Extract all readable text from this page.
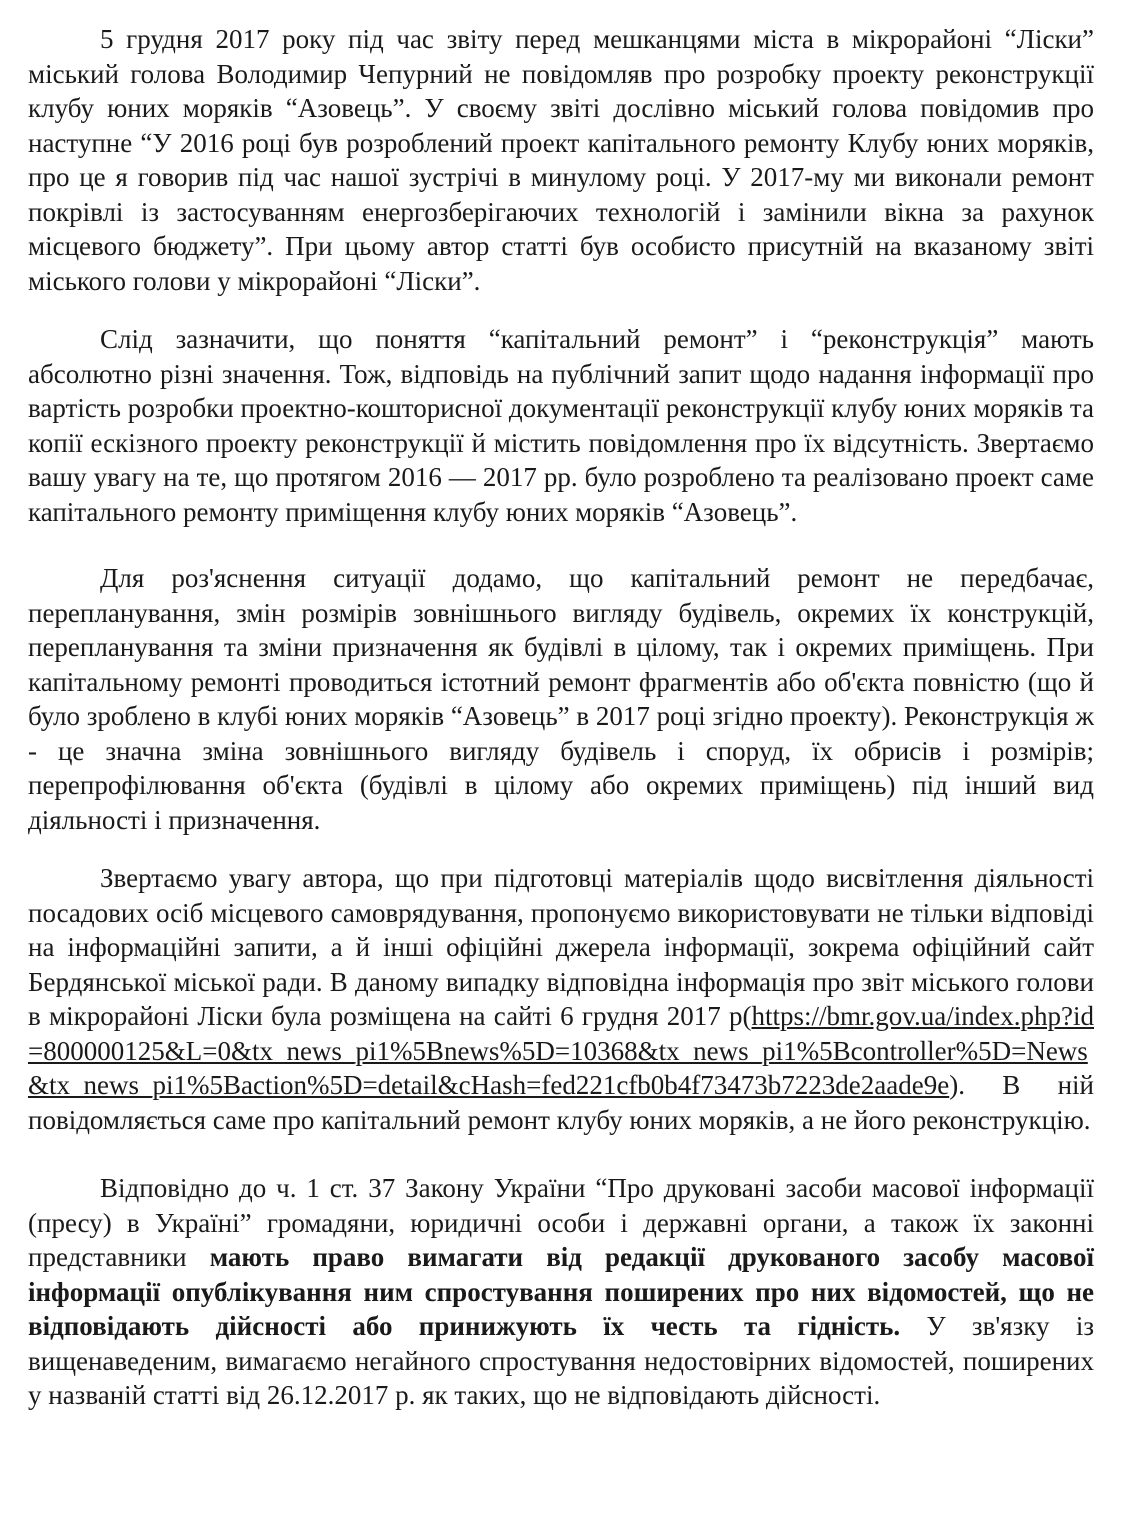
5 грудня 2017 року під час звіту перед мешканцями міста в мікрорайоні “Ліски” міський голова Володимир Чепурний не повідомляв про розробку проекту реконструкції клубу юних моряків “Азовець”. У своєму звіті дослівно міський голова повідомив про наступне “У 2016 році був розроблений проект капітального ремонту Клубу юних моряків, про це я говорив під час нашої зустрічі в минулому році. У 2017-му ми виконали ремонт покрівлі із застосуванням енергозберігаючих технологій і замінили вікна за рахунок місцевого бюджету”. При цьому автор статті був особисто присутній на вказаному звіті міського голови у мікрорайоні “Ліски”.

Слід зазначити, що поняття “капітальний ремонт” і “реконструкція” мають абсолютно різні значення. Тож, відповідь на публічний запит щодо надання інформації про вартість розробки проектно-кошторисної документації реконструкції клубу юних моряків та копії ескізного проекту реконструкції й містить повідомлення про їх відсутність. Звертаємо вашу увагу на те, що протягом 2016 — 2017 рр. було розроблено та реалізовано проект саме капітального ремонту приміщення клубу юних моряків “Азовець”.

Для роз'яснення ситуації додамо, що капітальний ремонт не передбачає, перепланування, змін розмірів зовнішнього вигляду будівель, окремих їх конструкцій, перепланування та зміни призначення як будівлі в цілому, так і окремих приміщень. При капітальному ремонті проводиться істотний ремонт фрагментів або об'єкта повністю (що й було зроблено в клубі юних моряків “Азовець” в 2017 році згідно проекту). Реконструкція ж - це значна зміна зовнішнього вигляду будівель і споруд, їх обрисів і розмірів; перепрофілювання об'єкта (будівлі в цілому або окремих приміщень) під інший вид діяльності і призначення.

Звертаємо увагу автора, що при підготовці матеріалів щодо висвітлення діяльності посадових осіб місцевого самоврядування, пропонуємо використовувати не тільки відповіді на інформаційні запити, а й інші офіційні джерела інформації, зокрема офіційний сайт Бердянської міської ради. В даному випадку відповідна інформація про звіт міського голови в мікрорайоні Ліски була розміщена на сайті 6 грудня 2017 р(https://bmr.gov.ua/index.php?id=800000125&L=0&tx_news_pi1%5Bnews%5D=10368&tx_news_pi1%5Bcontroller%5D=News&tx_news_pi1%5Baction%5D=detail&cHash=fed221cfb0b4f73473b7223de2aade9e). В ній повідомляється саме про капітальний ремонт клубу юних моряків, а не його реконструкцію.

Відповідно до ч. 1 ст. 37 Закону України “Про друковані засоби масової інформації (пресу) в Україні” громадяни, юридичні особи і державні органи, а також їх законні представники мають право вимагати від редакції друкованого засобу масової інформації опублікування ним спростування поширених про них відомостей, що не відповідають дійсності або принижують їх честь та гідність. У зв'язку із вищенаведеним, вимагаємо негайного спростування недостовірних відомостей, поширених у названій статті від 26.12.2017 р. як таких, що не відповідають дійсності.
